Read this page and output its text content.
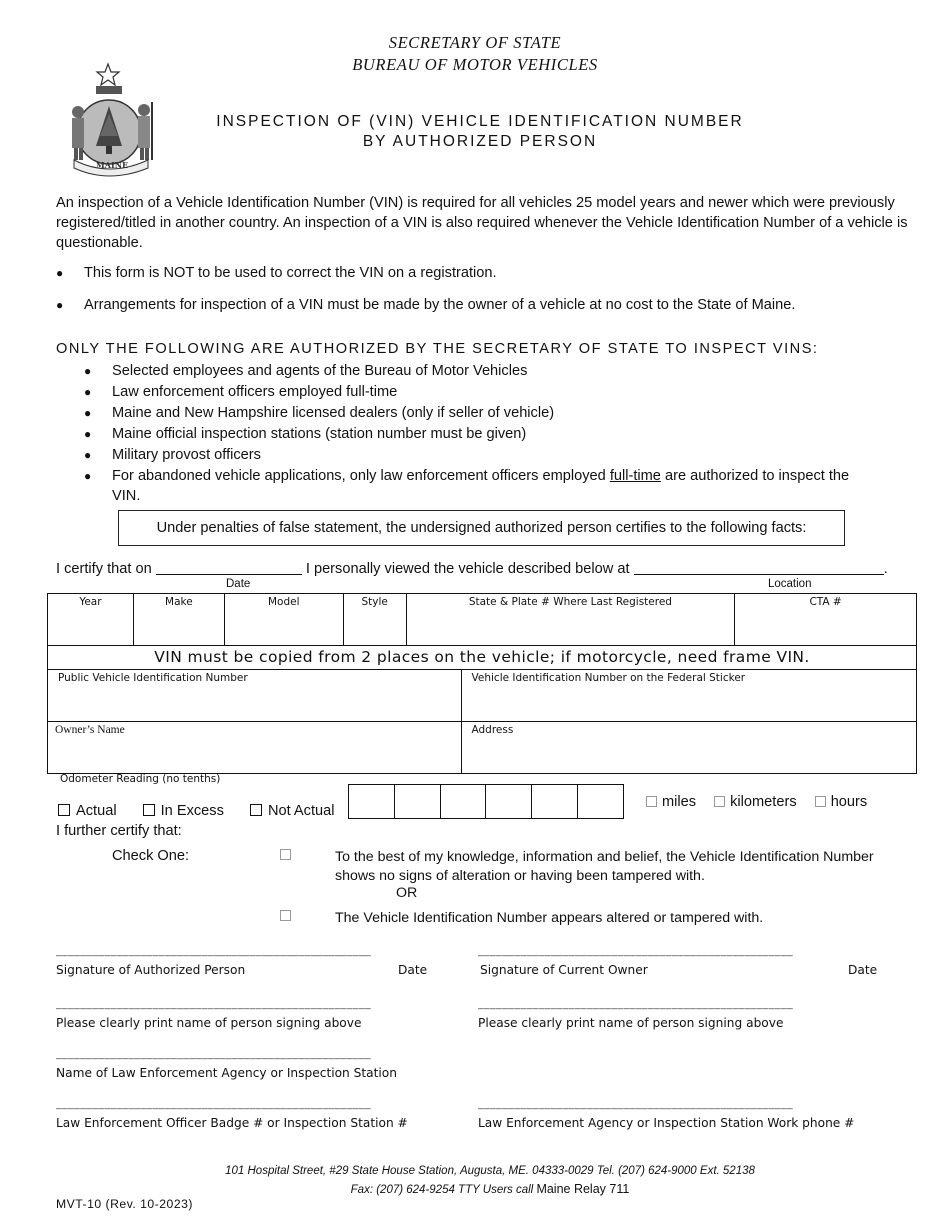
MAINE
SECRETARY OF STATE
BUREAU OF MOTOR VEHICLES
INSPECTION OF (VIN) VEHICLE IDENTIFICATION NUMBER
BY AUTHORIZED PERSON
An inspection of a Vehicle Identification Number (VIN) is required for all vehicles 25 model years and newer which were previously registered/titled in another country. An inspection of a VIN is also required whenever the Vehicle Identification Number of a vehicle is questionable.
● This form is NOT to be used to correct the VIN on a registration.
● Arrangements for inspection of a VIN must be made by the owner of a vehicle at no cost to the State of Maine.
ONLY THE FOLLOWING ARE AUTHORIZED BY THE SECRETARY OF STATE TO INSPECT VINS:
● Selected employees and agents of the Bureau of Motor Vehicles
● Law enforcement officers employed full-time
● Maine and New Hampshire licensed dealers (only if seller of vehicle)
● Maine official inspection stations (station number must be given)
● Military provost officers
● For abandoned vehicle applications, only law enforcement officers employed full-time are authorized to inspect the
VIN.
Under penalties of false statement, the undersigned authorized person certifies to the following facts:
I certify that on	I personally viewed the vehicle described below at	.
Date	Location
Year	Make	Model	Style	State & Plate # Where Last Registered	CTA #

VIN must be copied from 2 places on the vehicle; if motorcycle, need frame VIN.
Public Vehicle Identification Number	Vehicle Identification Number on the Federal Sticker

Owner’s Name	Address
Odometer Reading (no tenths)
Actual	In Excess	Not Actual
miles kilometers hours
I further certify that:
Check One:	To the best of my knowledge, information and belief, the Vehicle Identification Number
shows no signs of alteration or having been tampered with.
OR
The Vehicle Identification Number appears altered or tampered with.
____________________________________________________	____________________________________________________
Signature of Authorized Person	Date	Signature of Current Owner	Date
____________________________________________________	____________________________________________________
Please clearly print name of person signing above	Please clearly print name of person signing above
____________________________________________________
Name of Law Enforcement Agency or Inspection Station
____________________________________________________	____________________________________________________
Law Enforcement Officer Badge # or Inspection Station #	Law Enforcement Agency or Inspection Station Work phone #
101 Hospital Street, #29 State House Station, Augusta, ME. 04333-0029 Tel. (207) 624-9000 Ext. 52138
Fax: (207) 624-9254 TTY Users call Maine Relay 711
MVT-10 (Rev. 10-2023)
